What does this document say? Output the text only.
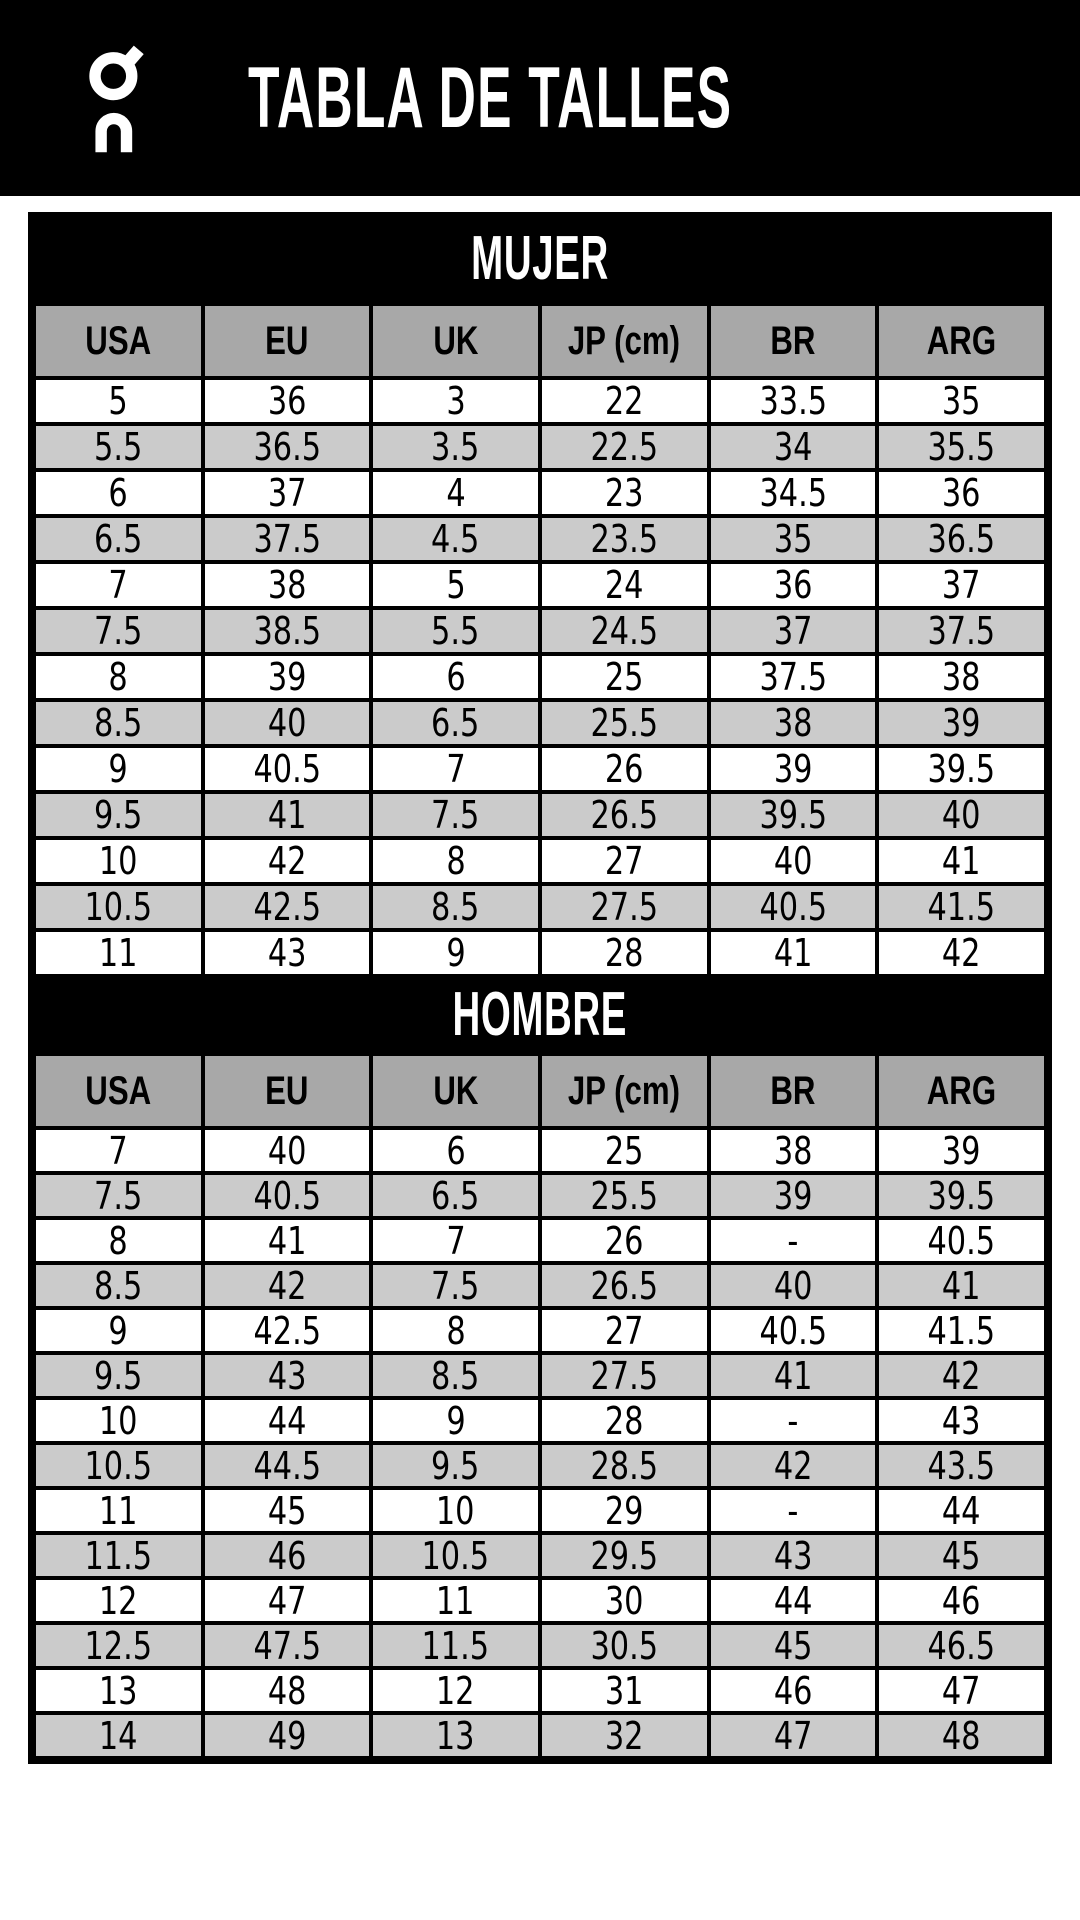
TABLA DE TALLES
MUJER
USA	EU	UK	JP (cm)	BR	ARG
5	36	3	22	33.5	35
5.5	36.5	3.5	22.5	34	35.5
6	37	4	23	34.5	36
6.5	37.5	4.5	23.5	35	36.5
7	38	5	24	36	37
7.5	38.5	5.5	24.5	37	37.5
8	39	6	25	37.5	38
8.5	40	6.5	25.5	38	39
9	40.5	7	26	39	39.5
9.5	41	7.5	26.5	39.5	40
10	42	8	27	40	41
10.5	42.5	8.5	27.5	40.5	41.5
11	43	9	28	41	42
HOMBRE
USA	EU	UK	JP (cm)	BR	ARG
7	40	6	25	38	39
7.5	40.5	6.5	25.5	39	39.5
8	41	7	26	-	40.5
8.5	42	7.5	26.5	40	41
9	42.5	8	27	40.5	41.5
9.5	43	8.5	27.5	41	42
10	44	9	28	-	43
10.5	44.5	9.5	28.5	42	43.5
11	45	10	29	-	44
11.5	46	10.5	29.5	43	45
12	47	11	30	44	46
12.5	47.5	11.5	30.5	45	46.5
13	48	12	31	46	47
14	49	13	32	47	48
